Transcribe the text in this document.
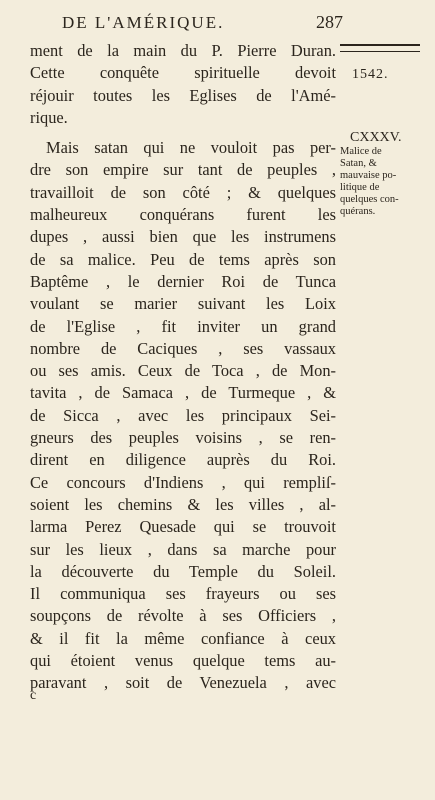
DE L'AMÉRIQUE.	287
1542.
CXXXV.
Malice de
Satan, &
mauvaise po-
litique de
quelques con-
quérans.

ment de la main du P. Pierre Duran.
Cette conquête spirituelle devoit
réjouir toutes les Eglises de l'Amé-
rique.

Mais satan qui ne vouloit pas per-
dre son empire sur tant de peuples ,
travailloit de son côté ; & quelques
malheureux conquérans furent les
dupes , aussi bien que les instrumens
de sa malice. Peu de tems après son
Baptême , le dernier Roi de Tunca
voulant se marier suivant les Loix
de l'Eglise , fit inviter un grand
nombre de Caciques , ses vassaux
ou ses amis. Ceux de Toca , de Mon-
tavita , de Samaca , de Turmeque , &
de Sicca , avec les principaux Sei-
gneurs des peuples voisins , se ren-
dirent en diligence auprès du Roi.
Ce concours d'Indiens , qui rempliſ-
soient les chemins & les villes , al-
larma Perez Quesade qui se trouvoit
sur les lieux , dans sa marche pour
la découverte du Temple du Soleil.
Il communiqua ses frayeurs ou ses
soupçons de révolte à ses Officiers ,
& il fit la même confiance à ceux
qui étoient venus quelque tems au-
paravant , soit de Venezuela , avec

c
